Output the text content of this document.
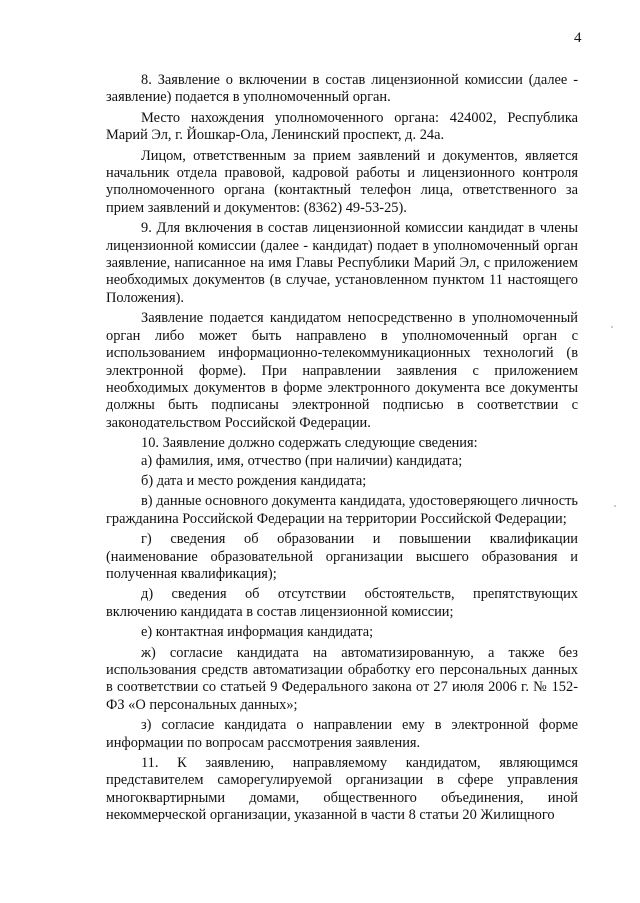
4

8. Заявление о включении в состав лицензионной комиссии (далее - заявление) подается в уполномоченный орган.

Место нахождения уполномоченного органа: 424002, Республика Марий Эл, г. Йошкар-Ола, Ленинский проспект, д. 24а.

Лицом, ответственным за прием заявлений и документов, является начальник отдела правовой, кадровой работы и лицензионного контроля уполномоченного органа (контактный телефон лица, ответственного за прием заявлений и документов: (8362) 49-53-25).

9. Для включения в состав лицензионной комиссии кандидат в члены лицензионной комиссии (далее - кандидат) подает в уполномоченный орган заявление, написанное на имя Главы Республики Марий Эл, с приложением необходимых документов (в случае, установленном пунктом 11 настоящего Положения).

Заявление подается кандидатом непосредственно в уполномоченный орган либо может быть направлено в уполномоченный орган с использованием информационно-телекоммуникационных технологий (в электронной форме). При направлении заявления с приложением необходимых документов в форме электронного документа все документы должны быть подписаны электронной подписью в соответствии с законодательством Российской Федерации.

10. Заявление должно содержать следующие сведения:

а) фамилия, имя, отчество (при наличии) кандидата;

б) дата и место рождения кандидата;

в) данные основного документа кандидата, удостоверяющего личность гражданина Российской Федерации на территории Российской Федерации;

г) сведения об образовании и повышении квалификации (наименование образовательной организации высшего образования и полученная квалификация);

д) сведения об отсутствии обстоятельств, препятствующих включению кандидата в состав лицензионной комиссии;

е) контактная информация кандидата;

ж) согласие кандидата на автоматизированную, а также без использования средств автоматизации обработку его персональных данных в соответствии со статьей 9 Федерального закона от 27 июля 2006 г. № 152-ФЗ «О персональных данных»;

з) согласие кандидата о направлении ему в электронной форме информации по вопросам рассмотрения заявления.

11. К заявлению, направляемому кандидатом, являющимся представителем саморегулируемой организации в сфере управления многоквартирными домами, общественного объединения, иной некоммерческой организации, указанной в части 8 статьи 20 Жилищного
